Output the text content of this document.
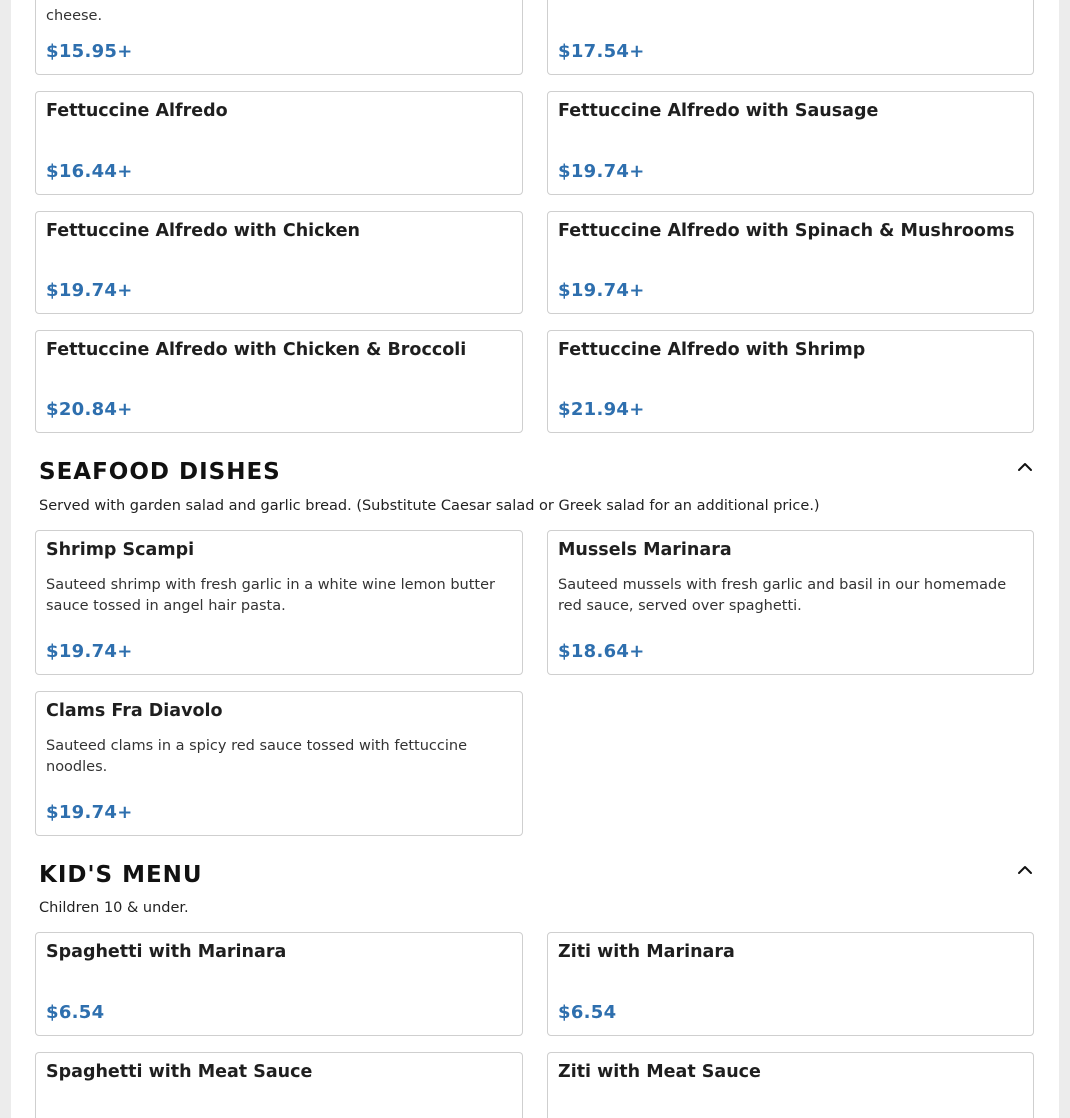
cheese.
$15.95+	$17.54+
Fettuccine Alfredo
$16.44+
Fettuccine Alfredo with Sausage
$19.74+
Fettuccine Alfredo with Chicken
$19.74+
Fettuccine Alfredo with Spinach & Mushrooms
$19.74+
Fettuccine Alfredo with Chicken & Broccoli
$20.84+
Fettuccine Alfredo with Shrimp
$21.94+
SEAFOOD DISHES
Served with garden salad and garlic bread. (Substitute Caesar salad or Greek salad for an additional price.)
Shrimp Scampi
Sauteed shrimp with fresh garlic in a white wine lemon butter sauce tossed in angel hair pasta.
$19.74+
Mussels Marinara
Sauteed mussels with fresh garlic and basil in our homemade red sauce, served over spaghetti.
$18.64+
Clams Fra Diavolo
Sauteed clams in a spicy red sauce tossed with fettuccine noodles.
$19.74+
KID'S MENU
Children 10 & under.
Spaghetti with Marinara
$6.54
Ziti with Marinara
$6.54
Spaghetti with Meat Sauce	Ziti with Meat Sauce
